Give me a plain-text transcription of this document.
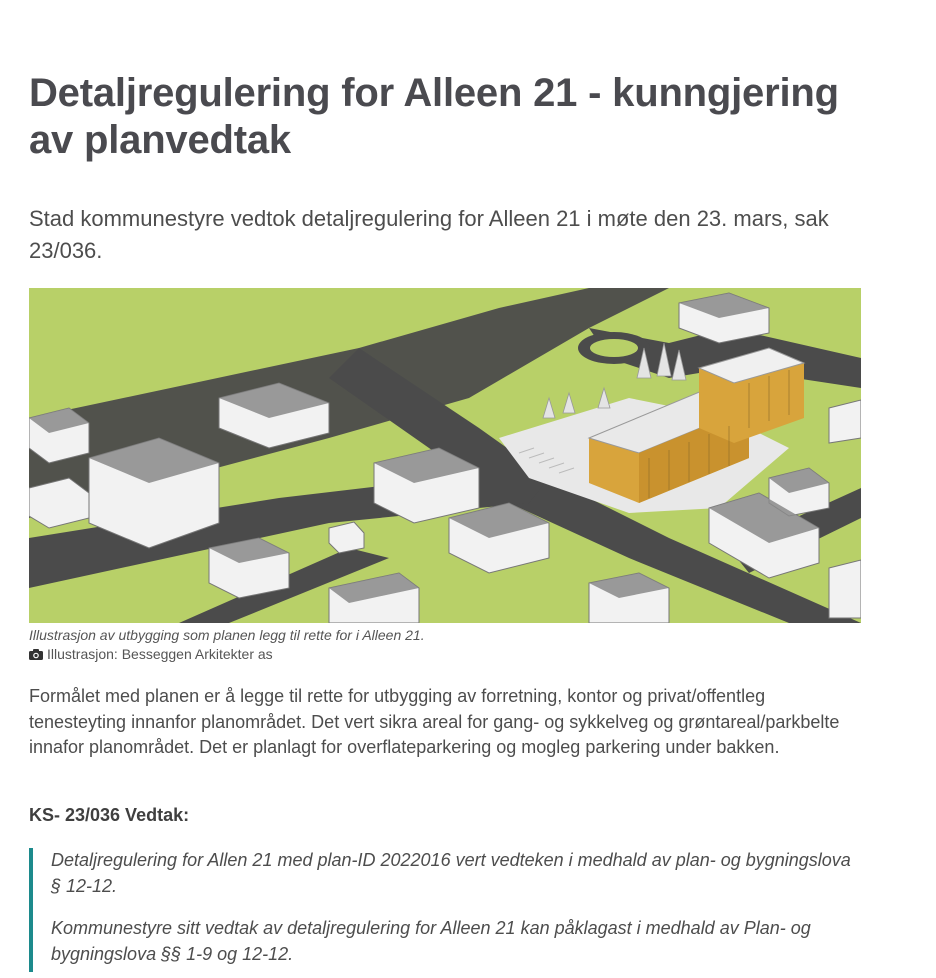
Detaljregulering for Alleen 21 - kunngjering av planvedtak

Stad kommunestyre vedtok detaljregulering for Alleen 21 i møte den 23. mars, sak 23/036.

Illustrasjon av utbygging som planen legg til rette for i Alleen 21.

Illustrasjon: Besseggen Arkitekter as

Formålet med planen er å legge til rette for utbygging av forretning, kontor og privat/offentleg tenesteyting innanfor planområdet. Det vert sikra areal for gang- og sykkelveg og grøntareal/parkbelte innafor planområdet. Det er planlagt for overflateparkering og mogleg parkering under bakken.

KS- 23/036 Vedtak:

Detaljregulering for Allen 21 med plan-ID 2022016 vert vedteken i medhald av plan- og bygningslova § 12-12.

Kommunestyre sitt vedtak av detaljregulering for Alleen 21 kan påklagast i medhald av Plan- og bygningslova §§ 1-9 og 12-12.
